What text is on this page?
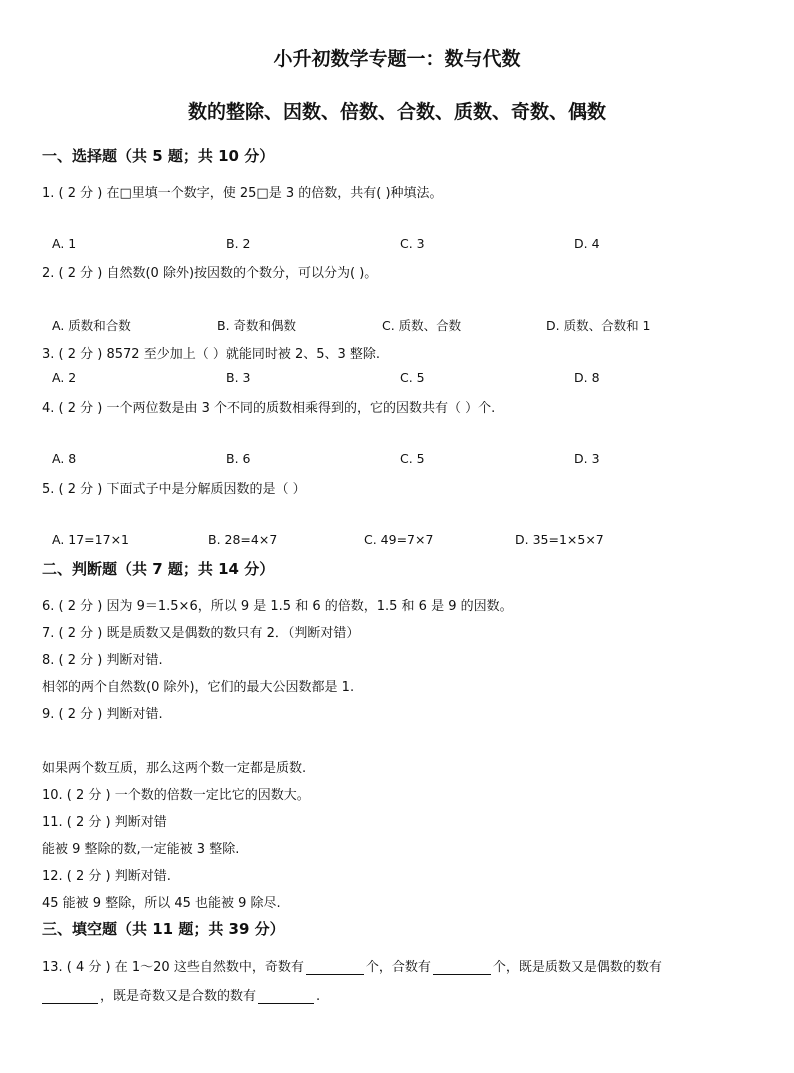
小升初数学专题一：数与代数
数的整除、因数、倍数、合数、质数、奇数、偶数
一、选择题（共 5 题；共 10 分）
1. ( 2 分 ) 在□里填一个数字，使 25□是 3 的倍数，共有( )种填法。
A. 1	B. 2	C. 3	D. 4
2. ( 2 分 ) 自然数(0 除外)按因数的个数分，可以分为( )。
A. 质数和合数	B. 奇数和偶数	C. 质数、合数	D. 质数、合数和 1
3. ( 2 分 ) 8572 至少加上（ ）就能同时被 2、5、3 整除.
A. 2	B. 3	C. 5	D. 8
4. ( 2 分 ) 一个两位数是由 3 个不同的质数相乘得到的，它的因数共有（ ）个.
A. 8	B. 6	C. 5	D. 3
5. ( 2 分 ) 下面式子中是分解质因数的是（ ）
A. 17=17×1	B. 28=4×7	C. 49=7×7	D. 35=1×5×7
二、判断题（共 7 题；共 14 分）
6. ( 2 分 ) 因为 9＝1.5×6，所以 9 是 1.5 和 6 的倍数，1.5 和 6 是 9 的因数。
7. ( 2 分 ) 既是质数又是偶数的数只有 2．（判断对错）
8. ( 2 分 ) 判断对错.
相邻的两个自然数(0 除外)，它们的最大公因数都是 1.
9. ( 2 分 ) 判断对错.
如果两个数互质，那么这两个数一定都是质数.
10. ( 2 分 ) 一个数的倍数一定比它的因数大。
11. ( 2 分 ) 判断对错
能被 9 整除的数,一定能被 3 整除.
12. ( 2 分 ) 判断对错.
45 能被 9 整除，所以 45 也能被 9 除尽.
三、填空题（共 11 题；共 39 分）
13. ( 4 分 ) 在 1～20 这些自然数中，奇数有	个，合数有	个，既是质数又是偶数的数有
，既是奇数又是合数的数有	.
